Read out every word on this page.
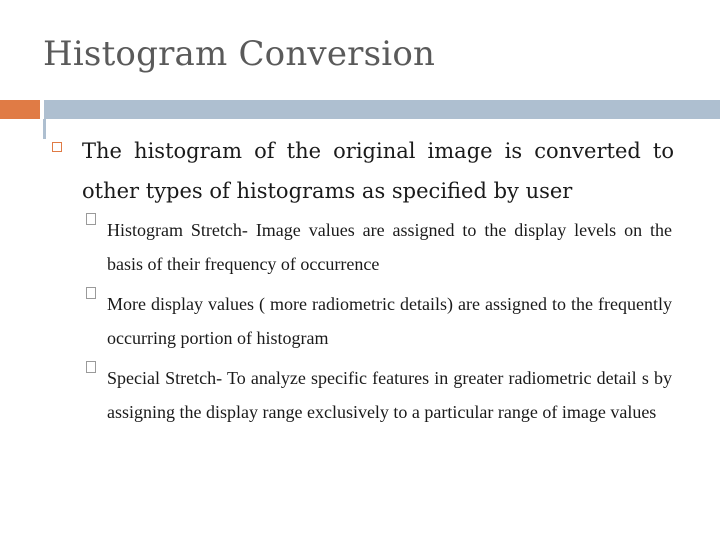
Histogram Conversion
The histogram of the original image is converted to other types of histograms as specified by user
Histogram Stretch- Image values are assigned to the display levels on the basis of their frequency of occurrence
More display values ( more radiometric details) are assigned to the frequently occurring portion of histogram
Special Stretch- To analyze specific features in greater radiometric detail s by assigning the display range exclusively to a particular range of image values
